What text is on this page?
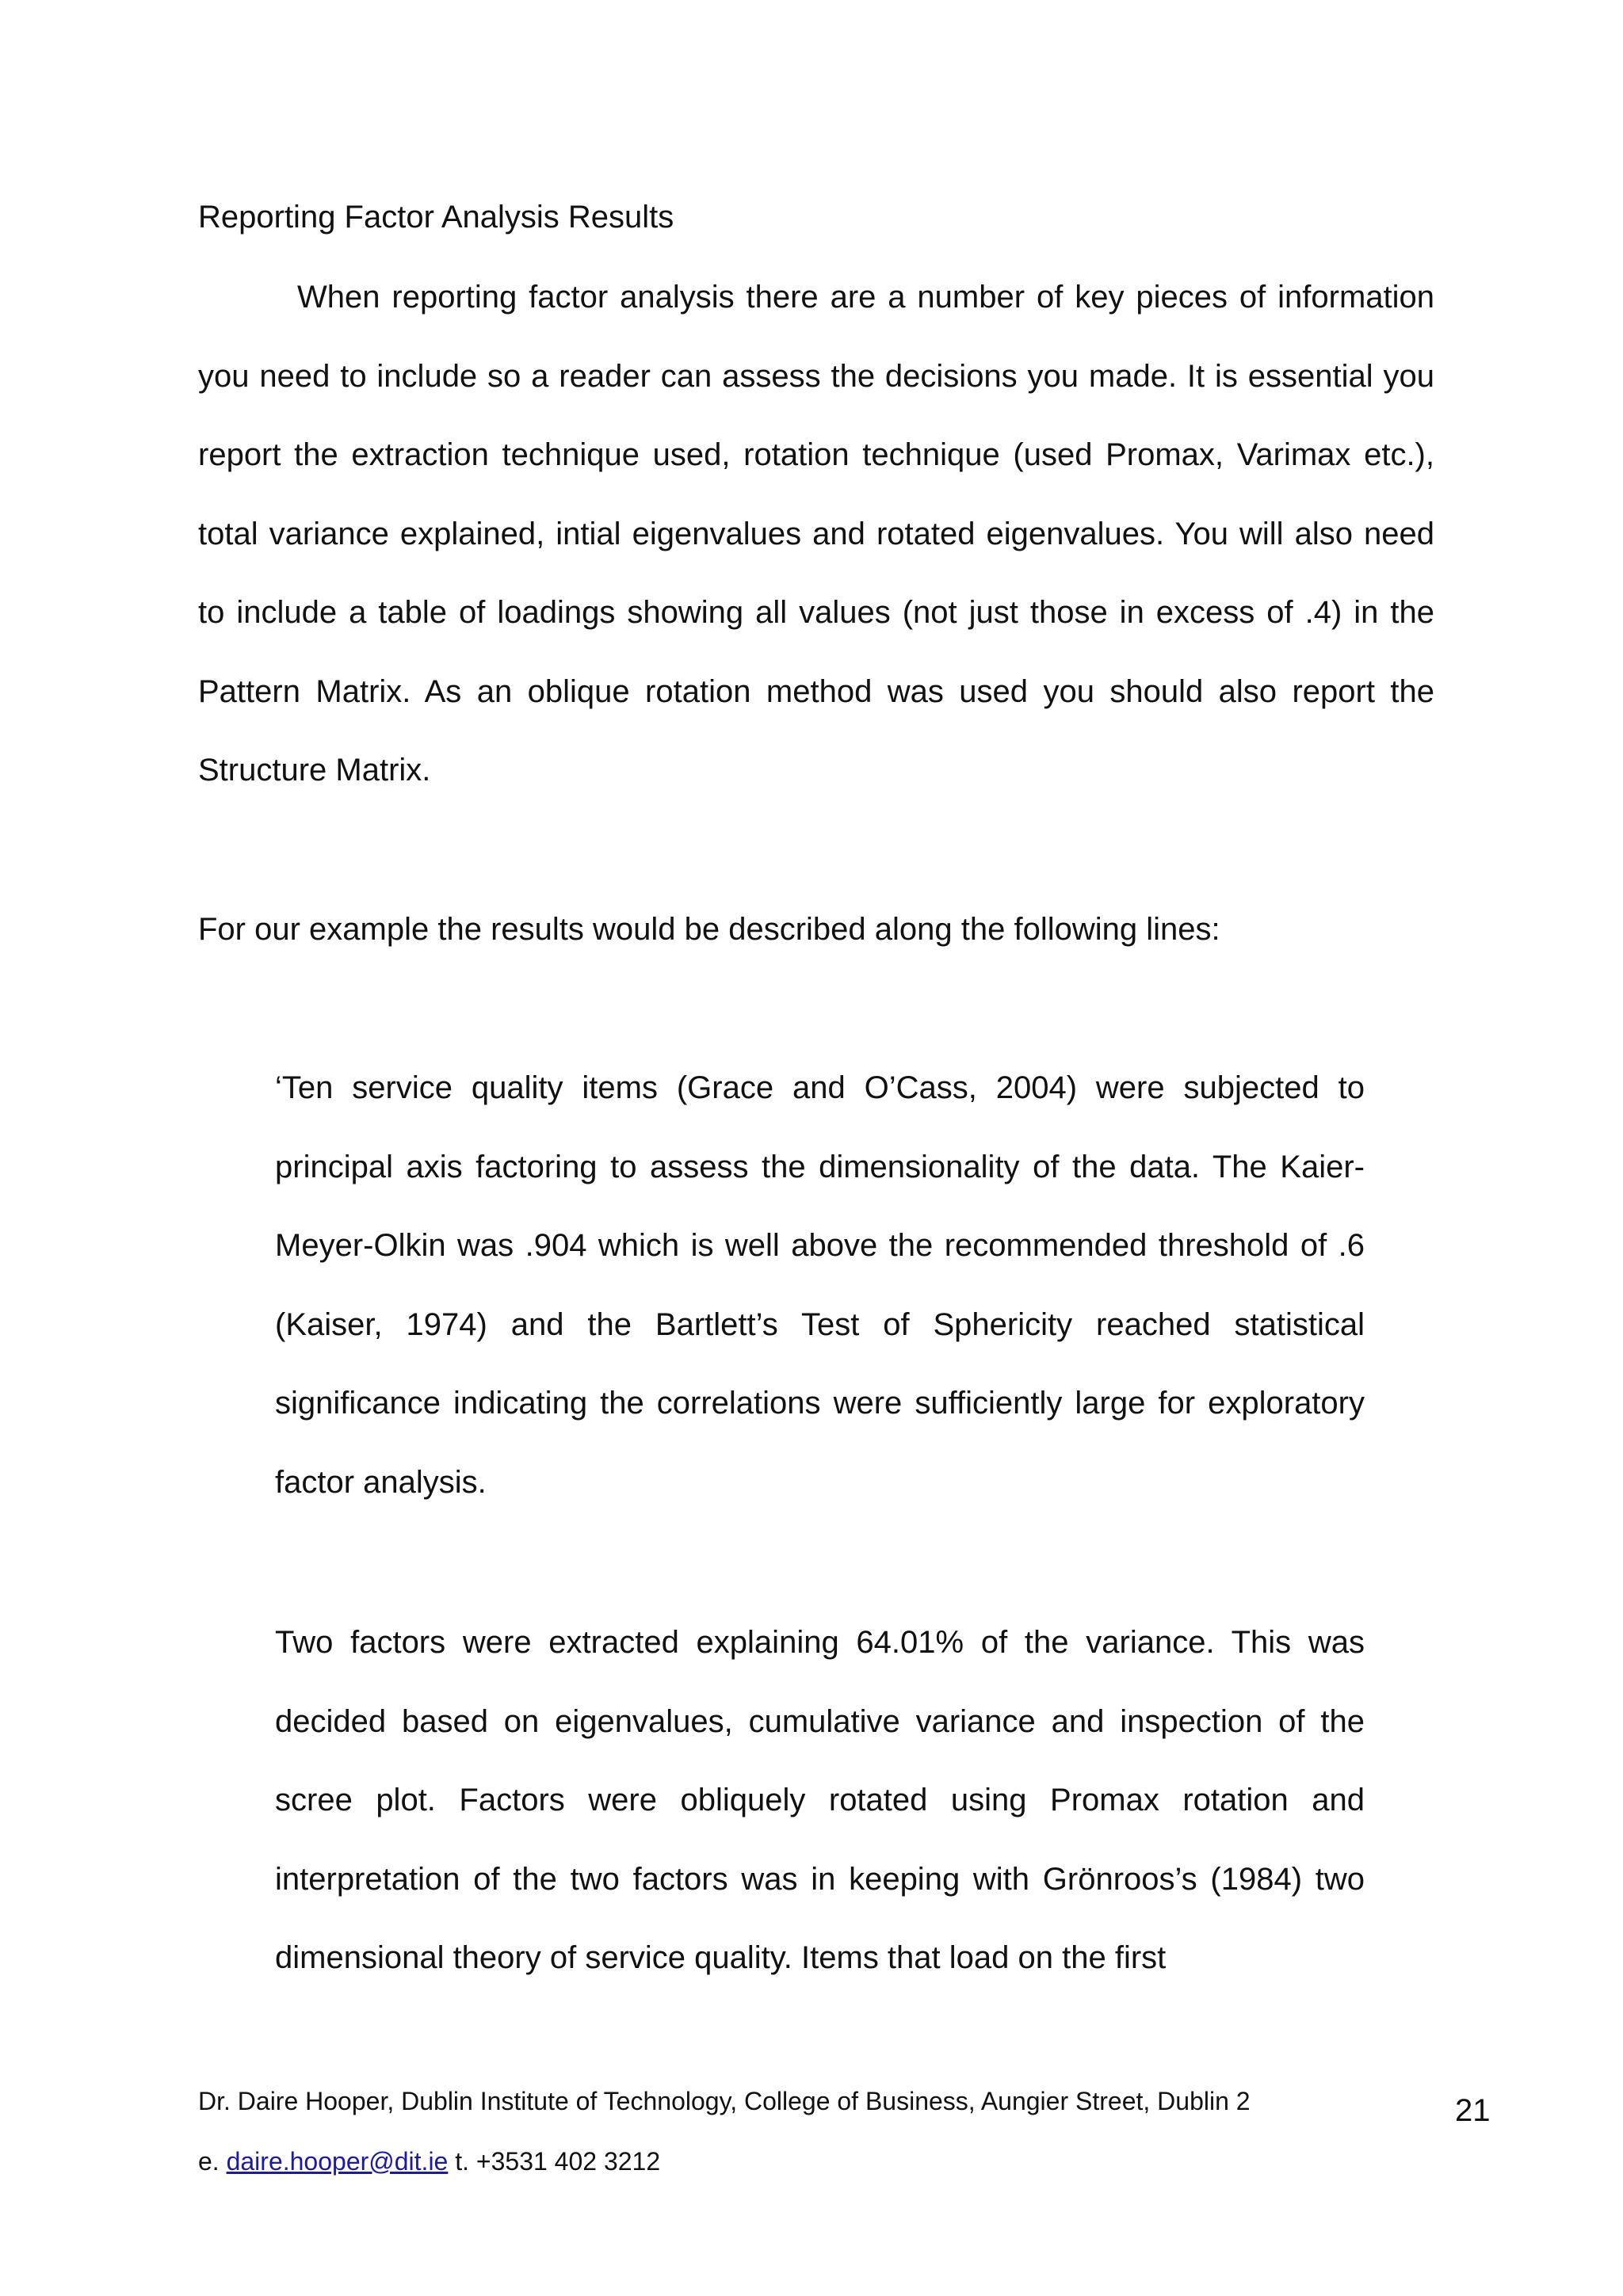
Reporting Factor Analysis Results

When reporting factor analysis there are a number of key pieces of information you need to include so a reader can assess the decisions you made. It is essential you report the extraction technique used, rotation technique (used Promax, Varimax etc.), total variance explained, intial eigenvalues and rotated eigenvalues. You will also need to include a table of loadings showing all values (not just those in excess of .4) in the Pattern Matrix. As an oblique rotation method was used you should also report the Structure Matrix.

For our example the results would be described along the following lines:

‘Ten service quality items (Grace and O’Cass, 2004) were subjected to principal axis factoring to assess the dimensionality of the data. The Kaier-Meyer-Olkin was .904 which is well above the recommended threshold of .6 (Kaiser, 1974) and the Bartlett’s Test of Sphericity reached statistical significance indicating the correlations were sufficiently large for exploratory factor analysis.

Two factors were extracted explaining 64.01% of the variance. This was decided based on eigenvalues, cumulative variance and inspection of the scree plot. Factors were obliquely rotated using Promax rotation and interpretation of the two factors was in keeping with Grönroos’s (1984) two dimensional theory of service quality. Items that load on the first

Dr. Daire Hooper, Dublin Institute of Technology, College of Business, Aungier Street, Dublin 2

e. daire.hooper@dit.ie t. +3531 402 3212

21
